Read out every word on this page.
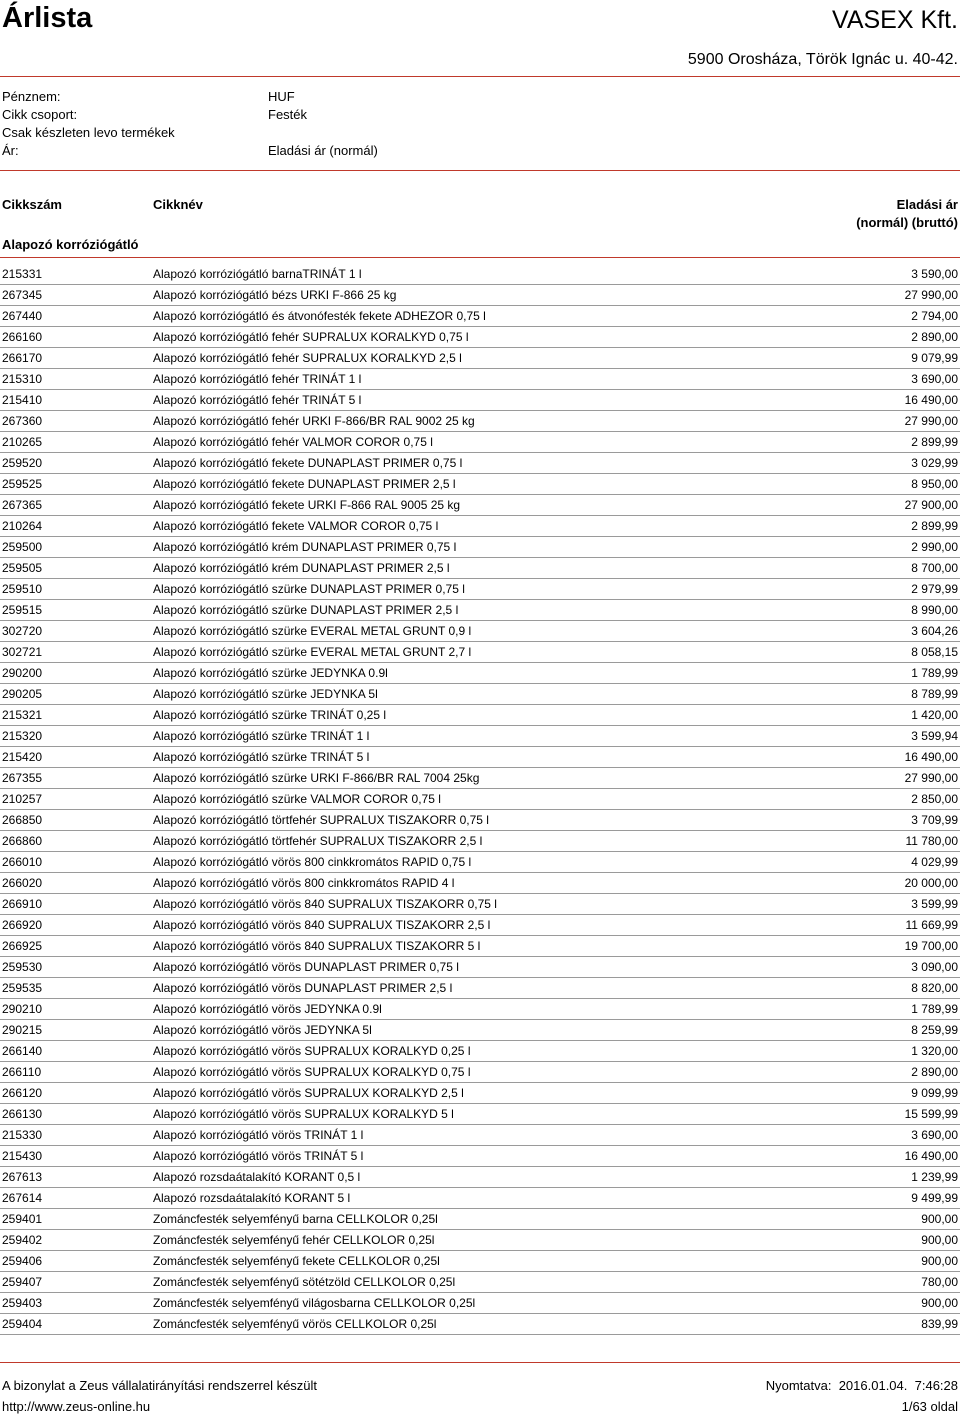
Árlista	VASEX Kft.
5900 Orosháza, Török Ignác u. 40-42.
Pénznem:	HUF
Cikk csoport:	Festék
Csak készleten levo termékek
Ár:	Eladási ár (normál)
Cikkszám	Cikknév	Eladási ár
(normál) (bruttó)
Alapozó korróziógátló
215331	Alapozó korróziógátló barnaTRINÁT 1 l	3 590,00
267345	Alapozó korróziógátló bézs URKI F-866 25 kg	27 990,00
267440	Alapozó korróziógátló és átvonófesték fekete ADHEZOR 0,75 l	2 794,00
266160	Alapozó korróziógátló fehér SUPRALUX KORALKYD 0,75 l	2 890,00
266170	Alapozó korróziógátló fehér SUPRALUX KORALKYD 2,5 l	9 079,99
215310	Alapozó korróziógátló fehér TRINÁT 1 l	3 690,00
215410	Alapozó korróziógátló fehér TRINÁT 5 l	16 490,00
267360	Alapozó korróziógátló fehér URKI F-866/BR RAL 9002 25 kg	27 990,00
210265	Alapozó korróziógátló fehér VALMOR COROR 0,75 l	2 899,99
259520	Alapozó korróziógátló fekete DUNAPLAST PRIMER 0,75 l	3 029,99
259525	Alapozó korróziógátló fekete DUNAPLAST PRIMER 2,5 l	8 950,00
267365	Alapozó korróziógátló fekete URKI F-866 RAL 9005 25 kg	27 900,00
210264	Alapozó korróziógátló fekete VALMOR COROR 0,75 l	2 899,99
259500	Alapozó korróziógátló krém DUNAPLAST PRIMER 0,75 l	2 990,00
259505	Alapozó korróziógátló krém DUNAPLAST PRIMER 2,5 l	8 700,00
259510	Alapozó korróziógátló szürke DUNAPLAST PRIMER 0,75 l	2 979,99
259515	Alapozó korróziógátló szürke DUNAPLAST PRIMER 2,5 l	8 990,00
302720	Alapozó korróziógátló szürke EVERAL METAL GRUNT 0,9 l	3 604,26
302721	Alapozó korróziógátló szürke EVERAL METAL GRUNT 2,7 l	8 058,15
290200	Alapozó korróziógátló szürke JEDYNKA 0.9l	1 789,99
290205	Alapozó korróziógátló szürke JEDYNKA 5l	8 789,99
215321	Alapozó korróziógátló szürke TRINÁT 0,25 l	1 420,00
215320	Alapozó korróziógátló szürke TRINÁT 1 l	3 599,94
215420	Alapozó korróziógátló szürke TRINÁT 5 l	16 490,00
267355	Alapozó korróziógátló szürke URKI F-866/BR RAL 7004 25kg	27 990,00
210257	Alapozó korróziógátló szürke VALMOR COROR 0,75 l	2 850,00
266850	Alapozó korróziógátló törtfehér SUPRALUX TISZAKORR 0,75 l	3 709,99
266860	Alapozó korróziógátló törtfehér SUPRALUX TISZAKORR 2,5 l	11 780,00
266010	Alapozó korróziógátló vörös 800 cinkkromátos RAPID 0,75 l	4 029,99
266020	Alapozó korróziógátló vörös 800 cinkkromátos RAPID 4 l	20 000,00
266910	Alapozó korróziógátló vörös 840 SUPRALUX TISZAKORR 0,75 l	3 599,99
266920	Alapozó korróziógátló vörös 840 SUPRALUX TISZAKORR 2,5 l	11 669,99
266925	Alapozó korróziógátló vörös 840 SUPRALUX TISZAKORR 5 l	19 700,00
259530	Alapozó korróziógátló vörös DUNAPLAST PRIMER 0,75 l	3 090,00
259535	Alapozó korróziógátló vörös DUNAPLAST PRIMER 2,5 l	8 820,00
290210	Alapozó korróziógátló vörös JEDYNKA 0.9l	1 789,99
290215	Alapozó korróziógátló vörös JEDYNKA 5l	8 259,99
266140	Alapozó korróziógátló vörös SUPRALUX KORALKYD 0,25 l	1 320,00
266110	Alapozó korróziógátló vörös SUPRALUX KORALKYD 0,75 l	2 890,00
266120	Alapozó korróziógátló vörös SUPRALUX KORALKYD 2,5 l	9 099,99
266130	Alapozó korróziógátló vörös SUPRALUX KORALKYD 5 l	15 599,99
215330	Alapozó korróziógátló vörös TRINÁT 1 l	3 690,00
215430	Alapozó korróziógátló vörös TRINÁT 5 l	16 490,00
267613	Alapozó rozsdaátalakító KORANT 0,5 l	1 239,99
267614	Alapozó rozsdaátalakító KORANT 5 l	9 499,99
259401	Zománcfesték selyemfényű barna CELLKOLOR 0,25l	900,00
259402	Zománcfesték selyemfényű fehér CELLKOLOR 0,25l	900,00
259406	Zománcfesték selyemfényű fekete CELLKOLOR 0,25l	900,00
259407	Zománcfesték selyemfényű sötétzöld CELLKOLOR 0,25l	780,00
259403	Zománcfesték selyemfényű világosbarna CELLKOLOR 0,25l	900,00
259404	Zománcfesték selyemfényű vörös CELLKOLOR 0,25l	839,99
A bizonylat a Zeus vállalatirányítási rendszerrel készült	Nyomtatva: 2016.01.04. 7:46:28
http://www.zeus-online.hu	1/63 oldal
